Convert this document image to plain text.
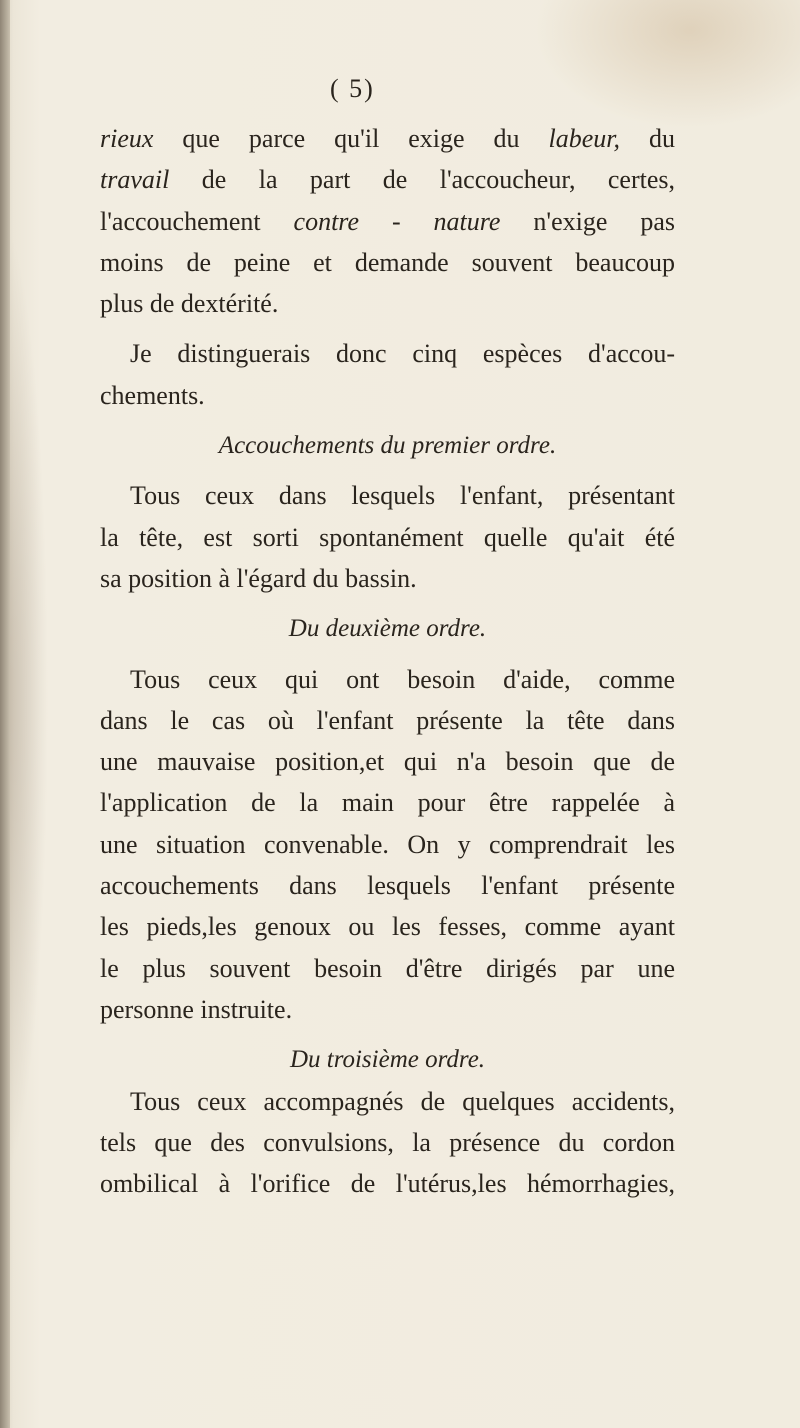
( 5)
rieux que parce qu'il exige du labeur, du
travail de la part de l'accoucheur, certes,
l'accouchement contre - nature n'exige pas
moins de peine et demande souvent beaucoup
plus de dextérité.
Je distinguerais donc cinq espèces d'accou-
chements.
Accouchements du premier ordre.
Tous ceux dans lesquels l'enfant, présentant
la tête, est sorti spontanément quelle qu'ait été
sa position à l'égard du bassin.
Du deuxième ordre.
Tous ceux qui ont besoin d'aide, comme
dans le cas où l'enfant présente la tête dans
une mauvaise position,et qui n'a besoin que de
l'application de la main pour être rappelée à
une situation convenable. On y comprendrait les
accouchements dans lesquels l'enfant présente
les pieds,les genoux ou les fesses, comme ayant
le plus souvent besoin d'être dirigés par une
personne instruite.
Du troisième ordre.
Tous ceux accompagnés de quelques accidents,
tels que des convulsions, la présence du cordon
ombilical à l'orifice de l'utérus,les hémorrhagies,
